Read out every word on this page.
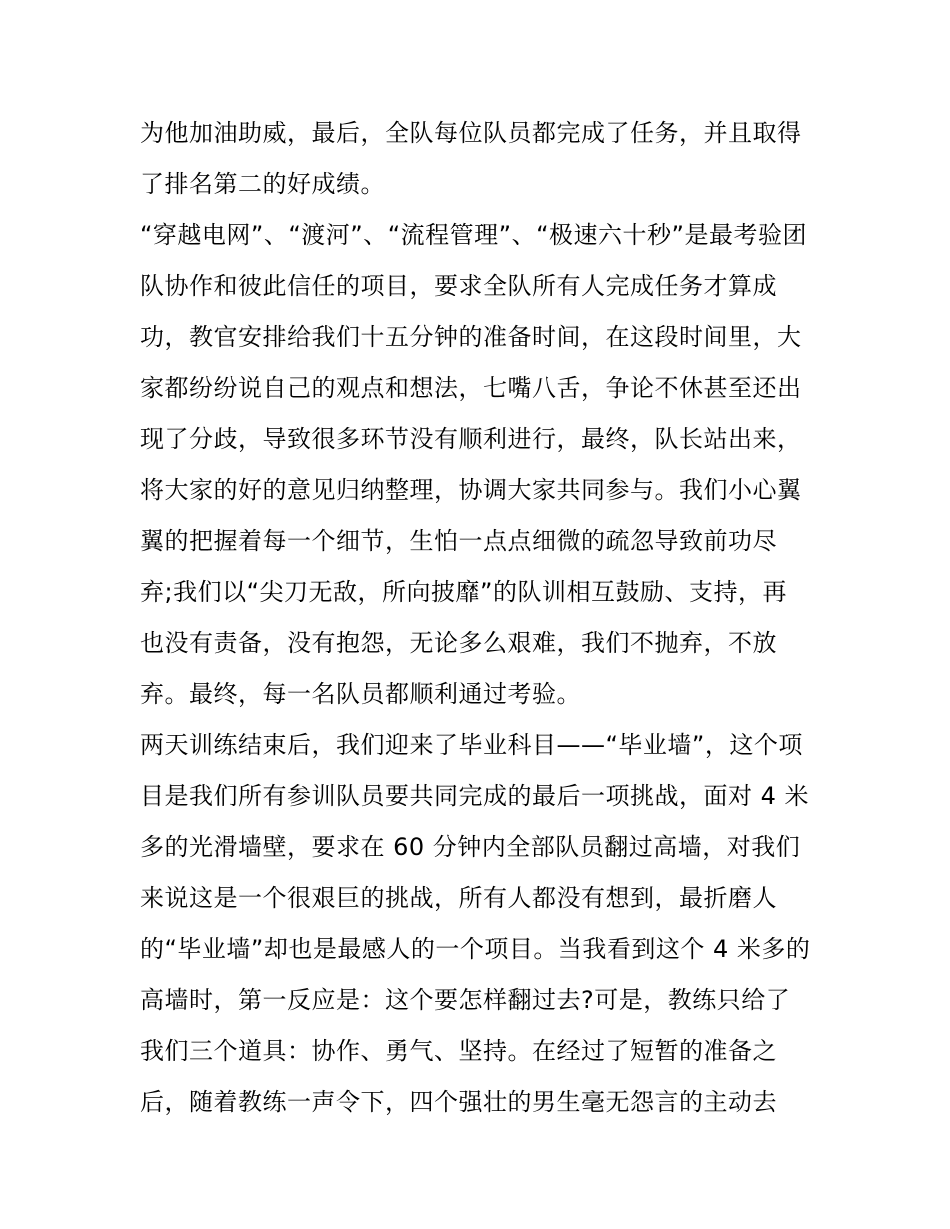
为他加油助威，最后，全队每位队员都完成了任务，并且取得
了排名第二的好成绩。
“穿越电网”、“渡河”、“流程管理”、“极速六十秒”是最考验团
队协作和彼此信任的项目，要求全队所有人完成任务才算成
功，教官安排给我们十五分钟的准备时间，在这段时间里，大
家都纷纷说自己的观点和想法，七嘴八舌，争论不休甚至还出
现了分歧，导致很多环节没有顺利进行，最终，队长站出来，
将大家的好的意见归纳整理，协调大家共同参与。我们小心翼
翼的把握着每一个细节，生怕一点点细微的疏忽导致前功尽
弃;我们以“尖刀无敌，所向披靡”的队训相互鼓励、支持，再
也没有责备，没有抱怨，无论多么艰难，我们不抛弃，不放
弃。最终，每一名队员都顺利通过考验。
两天训练结束后，我们迎来了毕业科目——“毕业墙”，这个项
目是我们所有参训队员要共同完成的最后一项挑战，面对 4 米
多的光滑墙壁，要求在 60 分钟内全部队员翻过高墙，对我们
来说这是一个很艰巨的挑战，所有人都没有想到，最折磨人
的“毕业墙”却也是最感人的一个项目。当我看到这个 4 米多的
高墙时，第一反应是：这个要怎样翻过去?可是，教练只给了
我们三个道具：协作、勇气、坚持。在经过了短暂的准备之
后，随着教练一声令下，四个强壮的男生毫无怨言的主动去
